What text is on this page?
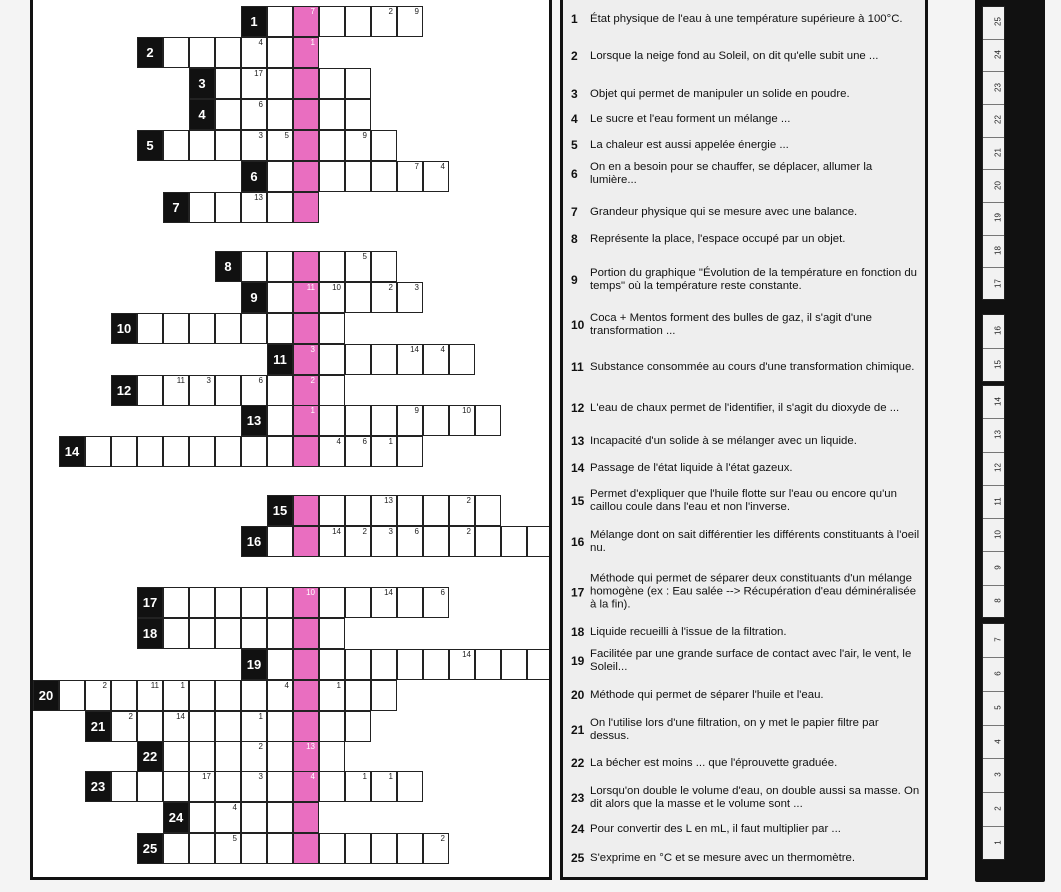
1
7	2	9
2
4	1
3
17
4
6
5
3	5	9
6
7	4
7
13
8
5
9
11 10	2	3
10
11
3	14	4
12
11	3	6	2
13
1	9	10
14
4	6	1
15
13	2
16
14	2	3	6	2
17
10	14	6
18
19
14
20
2	11	1	4	1
21
2	14	1
22
2	13
23
17	3	4	1	1
24
4
25
5	2
1	État physique de l'eau à une température supérieure à 100°C.
2	Lorsque la neige fond au Soleil, on dit qu'elle subit une ...
3	Objet qui permet de manipuler un solide en poudre.
4	Le sucre et l'eau forment un mélange ...
5	La chaleur est aussi appelée énergie ...
6	On en a besoin pour se chauffer, se déplacer, allumer la lumière...
7	Grandeur physique qui se mesure avec une balance.
8	Représente la place, l'espace occupé par un objet.
9	Portion du graphique "Évolution de la température en fonction du temps" où la température reste constante.
10 Coca + Mentos forment des bulles de gaz, il s'agit d'une transformation ...
11 Substance consommée au cours d'une transformation chimique.
12 L'eau de chaux permet de l'identifier, il s'agit du dioxyde de ...
13 Incapacité d'un solide à se mélanger avec un liquide.
14 Passage de l'état liquide à l'état gazeux.
15 Permet d'expliquer que l'huile flotte sur l'eau ou encore qu'un caillou coule dans l'eau et non l'inverse.
16 Mélange dont on sait différentier les différents constituants à l'oeil nu.
17
Méthode qui permet de séparer deux constituants d'un mélange homogène (ex : Eau salée --> Récupération d'eau déminéralisée à la fin).
18 Liquide recueilli à l'issue de la filtration.
19 Facilitée par une grande surface de contact avec l'air, le vent, le Soleil...
20 Méthode qui permet de séparer l'huile et l'eau.
21 On l'utilise lors d'une filtration, on y met le papier filtre par dessus.
22 La bécher est moins ... que l'éprouvette graduée.
23 Lorsqu'on double le volume d'eau, on double aussi sa masse. On dit alors que la masse et le volume sont ...
24 Pour convertir des L en mL, il faut multiplier par ...
25 S'exprime en °C et se mesure avec un thermomètre.
25
24
23
22
21
20
19
18
17
16
15
14
13
12
11
10
9
8
7
6
5
4
3
2
1
